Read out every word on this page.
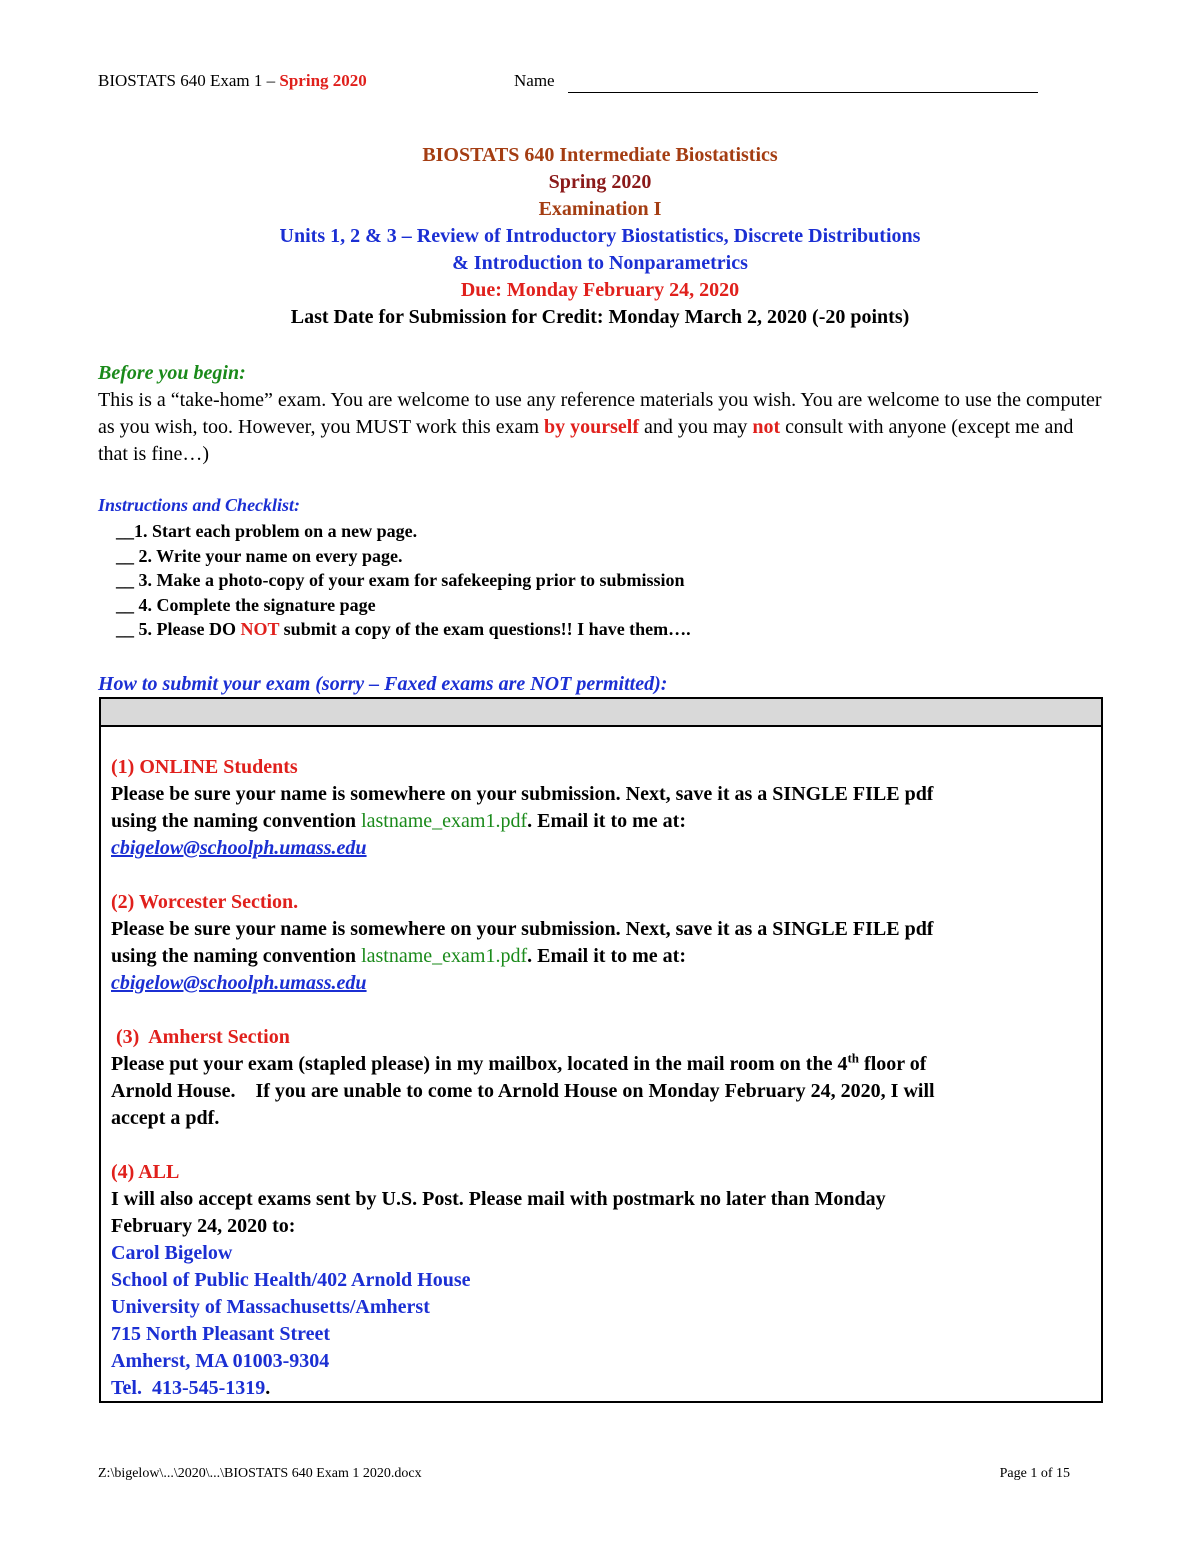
BIOSTATS 640 Exam 1 – Spring 2020	Name
BIOSTATS 640 Intermediate Biostatistics
Spring 2020
Examination I
Units 1, 2 & 3 – Review of Introductory Biostatistics, Discrete Distributions
& Introduction to Nonparametrics
Due: Monday February 24, 2020
Last Date for Submission for Credit: Monday March 2, 2020 (-20 points)
Before you begin:
This is a “take-home” exam. You are welcome to use any reference materials you wish. You are welcome to use the computer as you wish, too. However, you MUST work this exam by yourself and you may not consult with anyone (except me and that is fine…)
Instructions and Checklist:
__1. Start each problem on a new page.
__ 2. Write your name on every page.
__ 3. Make a photo-copy of your exam for safekeeping prior to submission
__ 4. Complete the signature page
__ 5. Please DO NOT submit a copy of the exam questions!! I have them….
How to submit your exam (sorry – Faxed exams are NOT permitted):
(1) ONLINE Students
Please be sure your name is somewhere on your submission. Next, save it as a SINGLE FILE pdf
using the naming convention lastname_exam1.pdf. Email it to me at:
cbigelow@schoolph.umass.edu
(2) Worcester Section.
Please be sure your name is somewhere on your submission. Next, save it as a SINGLE FILE pdf
using the naming convention lastname_exam1.pdf. Email it to me at:
cbigelow@schoolph.umass.edu
(3)  Amherst Section
Please put your exam (stapled please) in my mailbox, located in the mail room on the 4th floor of
Arnold House.    If you are unable to come to Arnold House on Monday February 24, 2020, I will
accept a pdf.
(4) ALL
I will also accept exams sent by U.S. Post. Please mail with postmark no later than Monday
February 24, 2020 to:
Carol Bigelow
School of Public Health/402 Arnold House
University of Massachusetts/Amherst
715 North Pleasant Street
Amherst, MA 01003-9304
Tel.  413-545-1319.
Z:\bigelow\...\2020\...\BIOSTATS 640 Exam 1 2020.docx	Page 1 of 15
